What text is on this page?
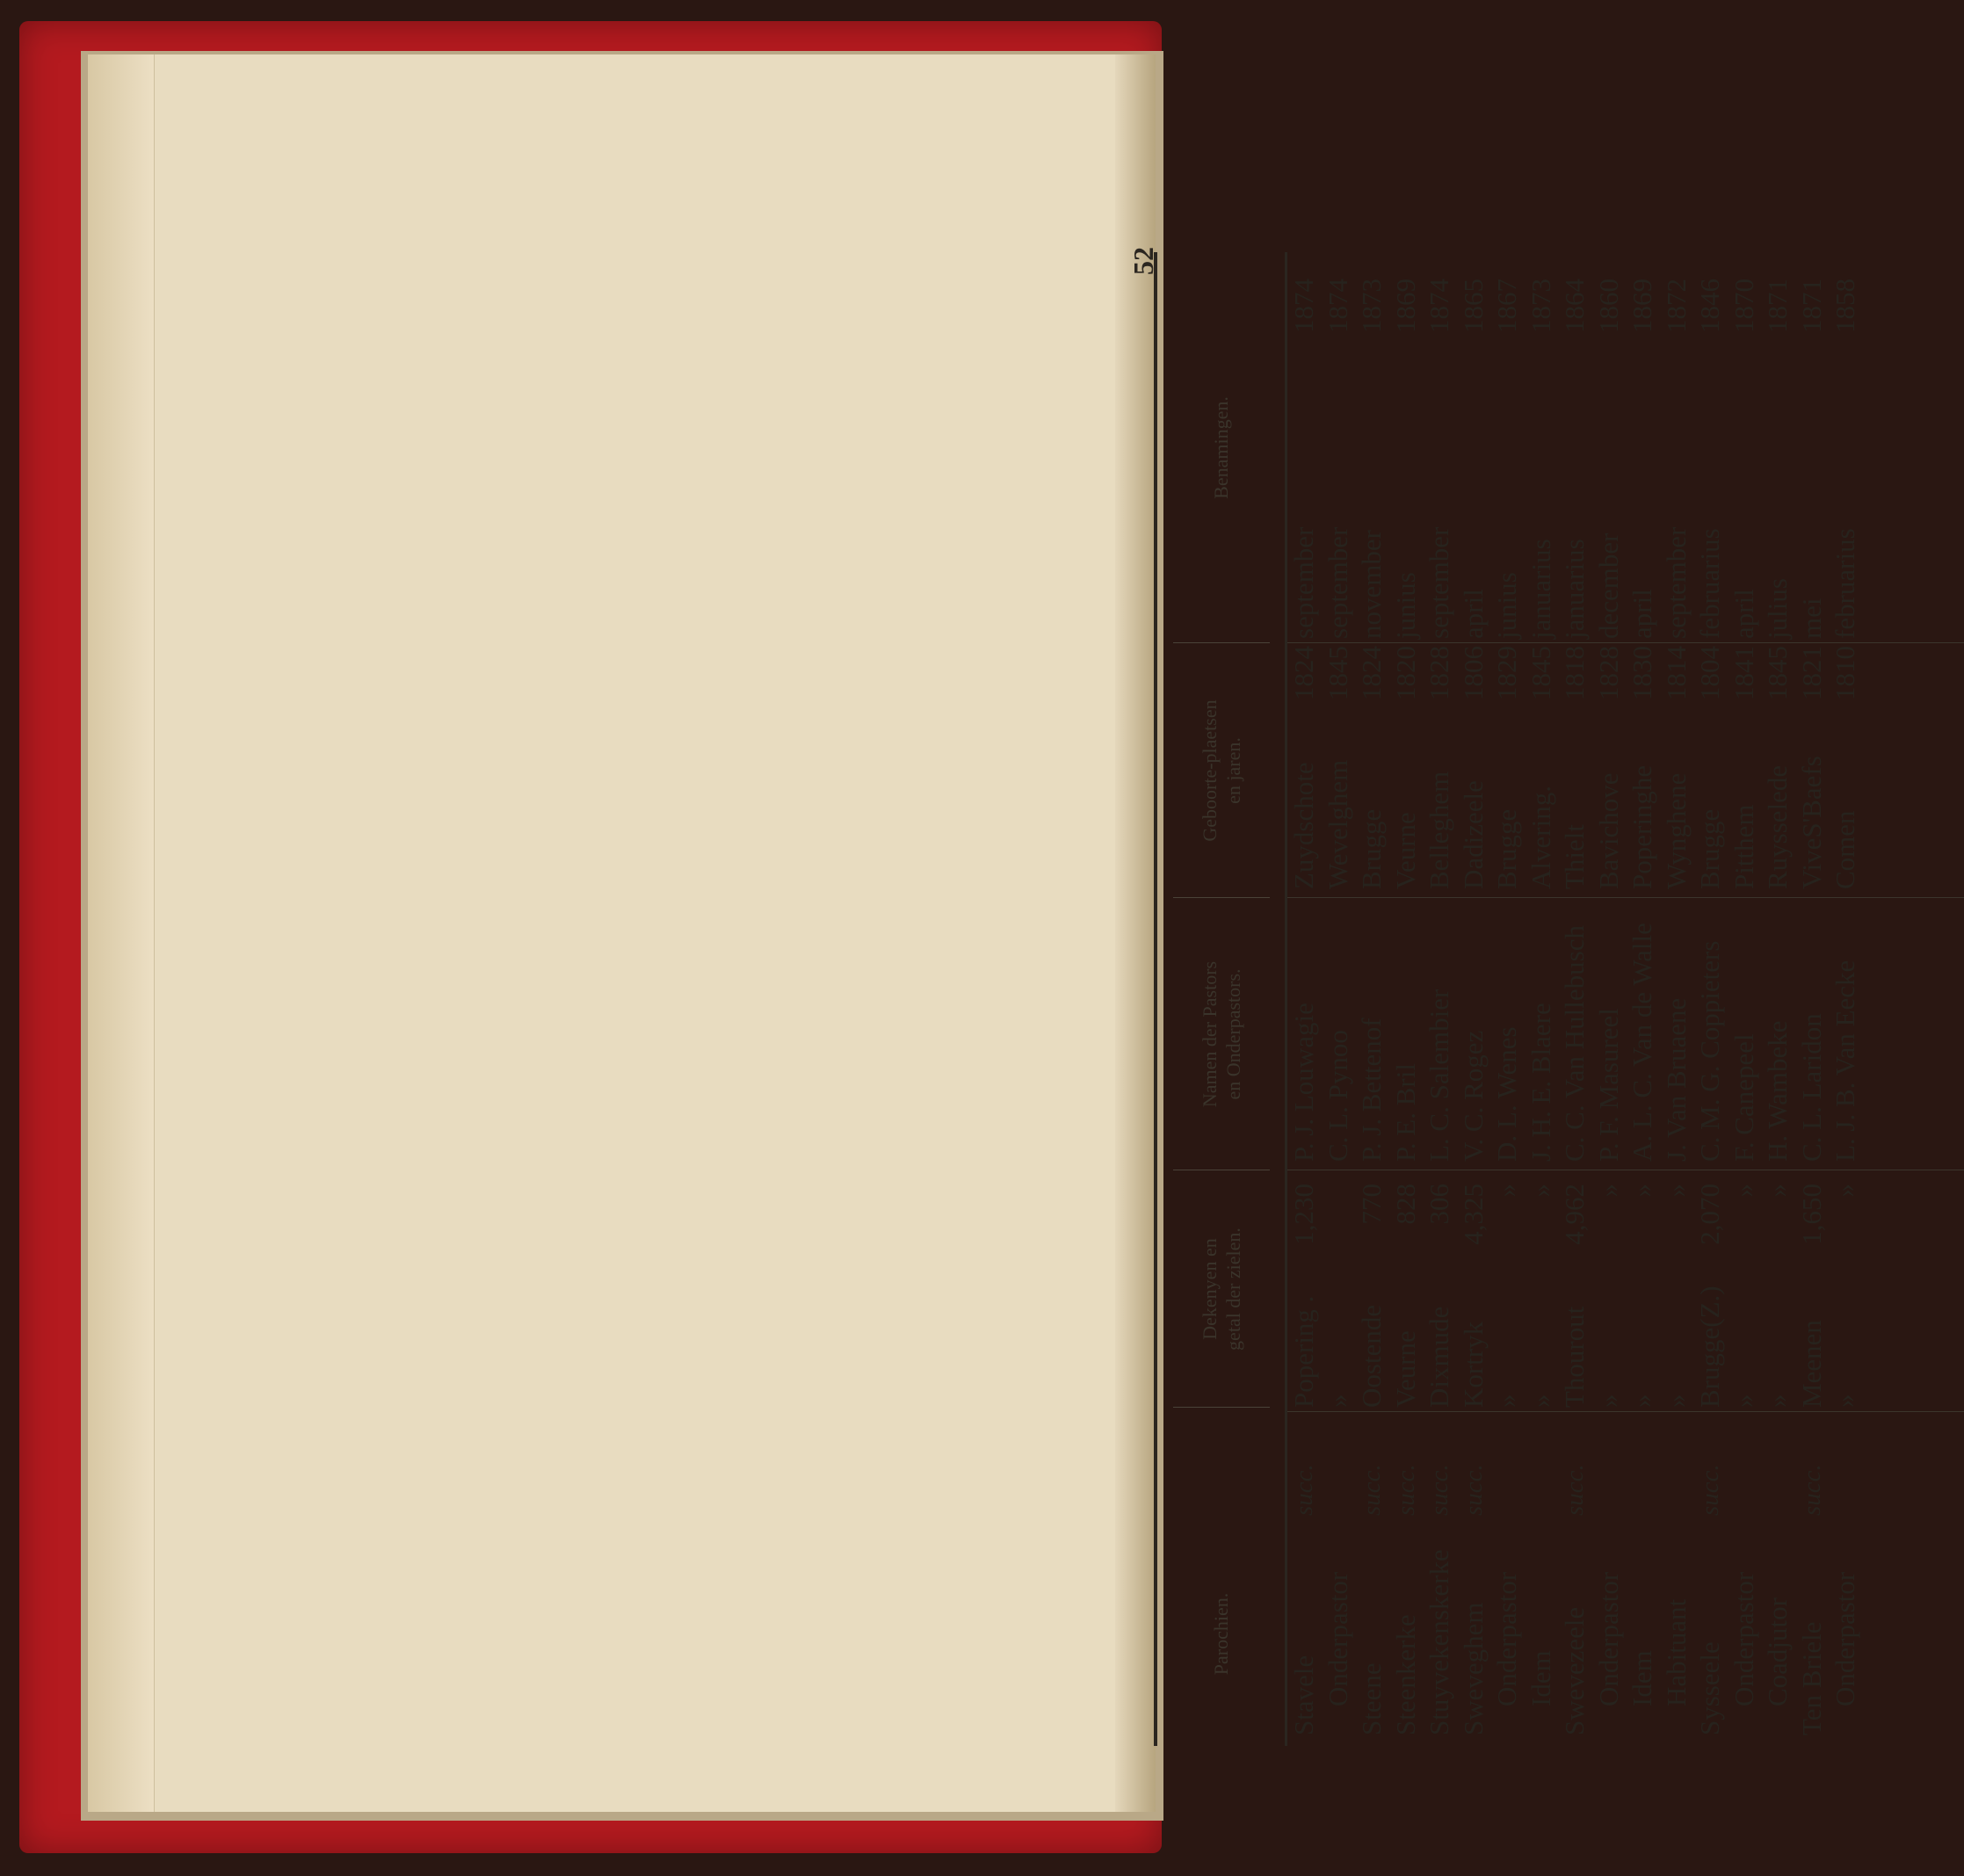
52
Parochien.
Dekenyen en getal der zielen.
Namen der Pastors en Onderpastors.
Geboorte-plaetsen en jaren.
Benamingen.
Stavele
succ.
Popering .
1,230
P. J. Louwagie
Zuydschote
1824
september
1874
Onderpastor
»
C. L. Pynoo
Wevelghem
1845
september
1874
Steene
succ.
Oostende
770
P. J. Bettenof
Brugge
1824
november
1873
Steenkerke
succ.
Veurne
828
P. E. Bril
Veurne
1820
junius
1869
Stuyvekenskerke
succ.
Dixmude
306
L. C. Salembier
Belleghem
1828
september
1874
Sweveghem
succ.
Kortryk
4,325
V. C. Rogez
Dadizeele
1806
april
1865
Onderpastor
»
»
D. L. Wenes
Brugge
1829
junius
1867
Idem
»
»
J. H. E. Blaere
Alvering.
1845
januarius
1873
Swevezeele
succ.
Thourout
4,962
C. C. Van Hullebusch
Thielt
1818
januarius
1864
Onderpastor
»
»
P. F. Masureel
Bavichove
1828
december
1860
Idem
»
»
A. L. C. Van de Walle
Poperinghe
1830
april
1869
Habituant
»
»
J. Van Bruaene
Wynghene
1814
september
1872
Sysseele
succ.
Brugge(Z.)
2,070
C. M. G. Coppieters
Brugge
1804
februarius
1846
Onderpastor
»
»
F. Canepeel
Pitthem
1841
april
1870
Coadjutor
»
»
H. Wambeke
Ruysselede
1845
julius
1871
Ten Briele
succ.
Meenen
1,650
C. L. Laridon
ViveS'Baefs
1821
mei
1871
Onderpastor
»
»
L. J. B. Van Eecke
Comen
1810
februarius
1858
